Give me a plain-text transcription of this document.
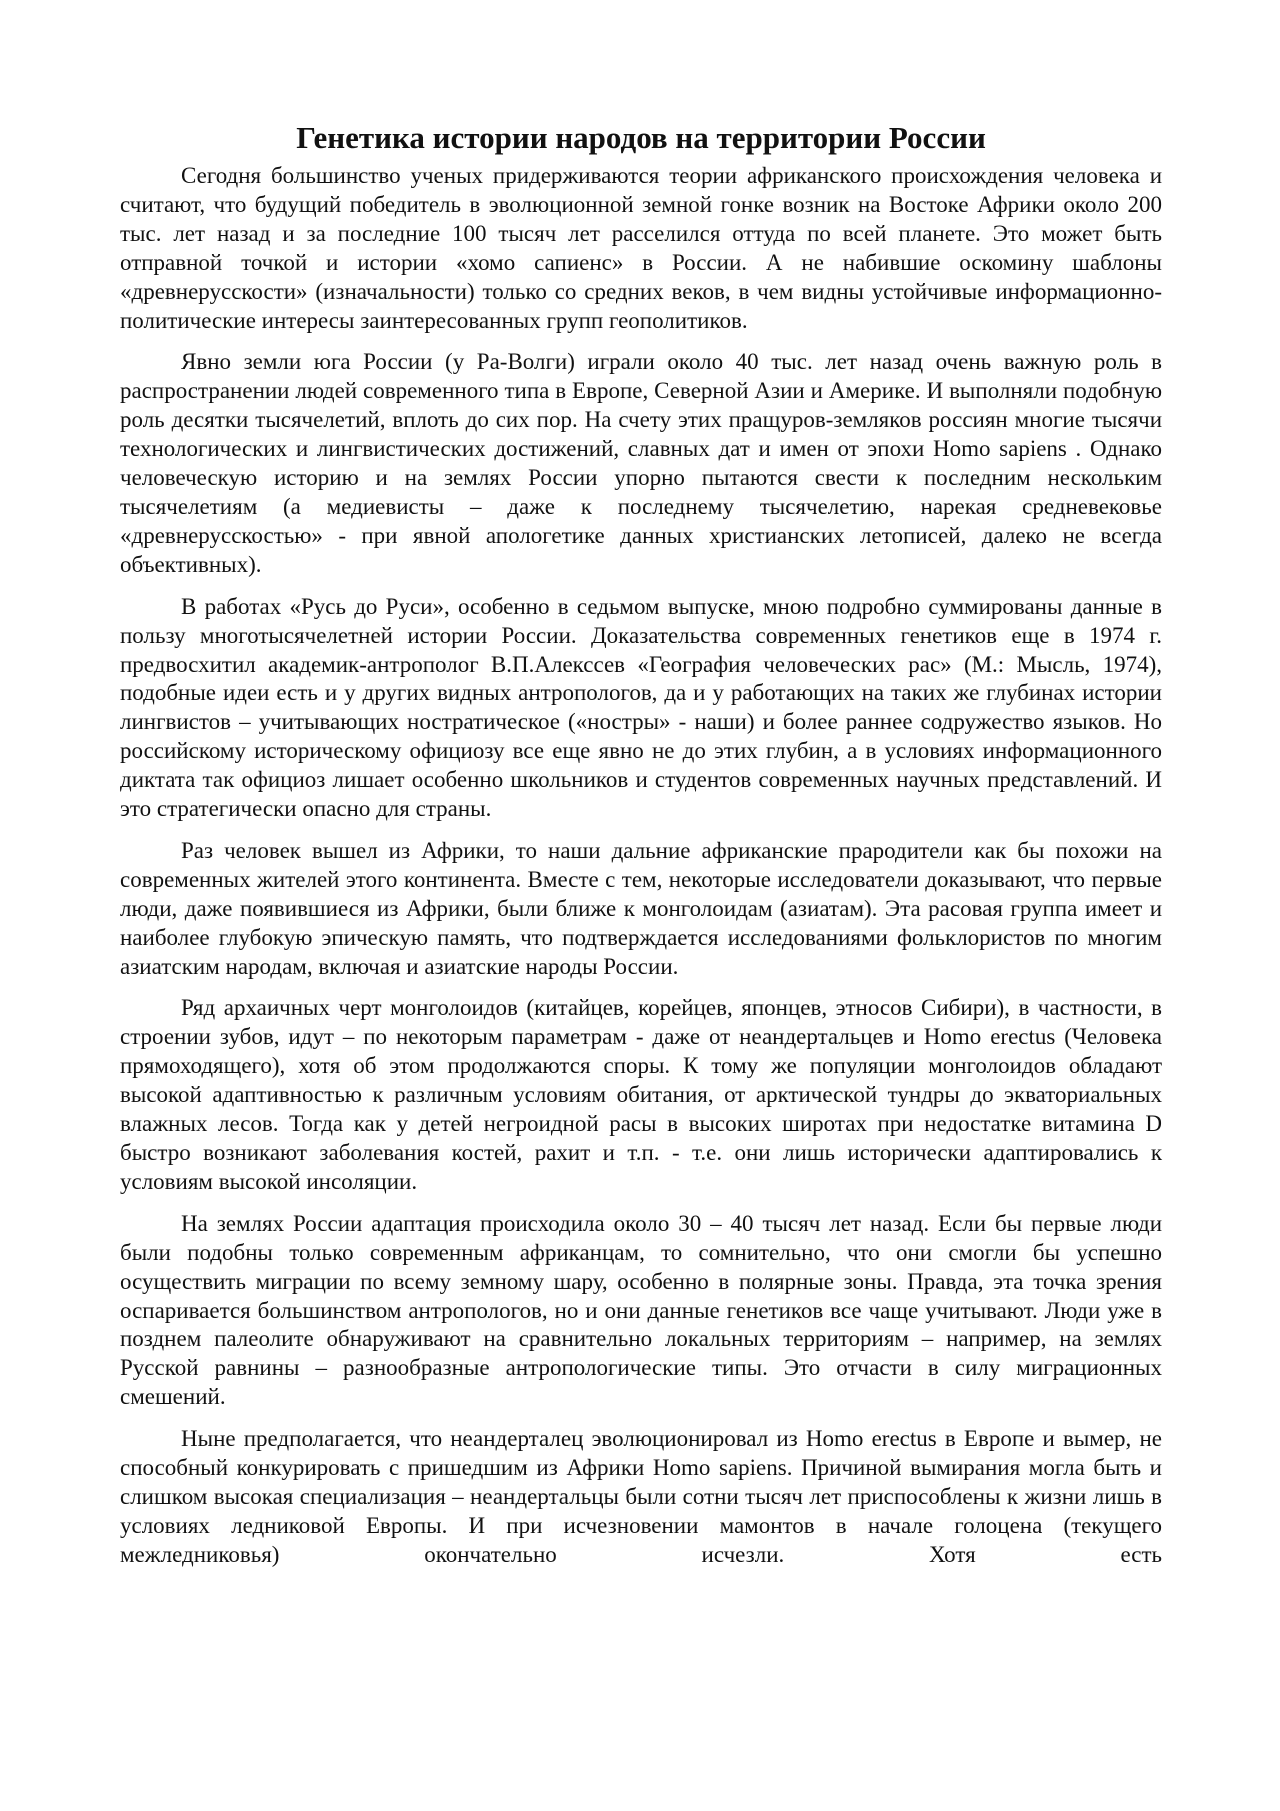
Генетика истории народов на территории России

Сегодня большинство ученых придерживаются теории африканского происхождения человека и считают, что будущий победитель в эволюционной земной гонке возник на Востоке Африки около 200 тыс. лет назад и за последние 100 тысяч лет расселился оттуда по всей планете. Это может быть отправной точкой и истории «хомо сапиенс» в России. А не набившие оскомину шаблоны «древнерусскости» (изначальности) только со средних веков, в чем видны устойчивые информационно-политические интересы заинтересованных групп геополитиков.

Явно земли юга России (у Ра-Волги) играли около 40 тыс. лет назад очень важную роль в распространении людей современного типа в Европе, Северной Азии и Америке. И выполняли подобную роль десятки тысячелетий, вплоть до сих пор. На счету этих пращуров-земляков россиян многие тысячи технологических и лингвистических достижений, славных дат и имен от эпохи Homo sapiens . Однако человеческую историю и на землях России упорно пытаются свести к последним нескольким тысячелетиям (а медиевисты – даже к последнему тысячелетию, нарекая средневековье «древнерусскостью» - при явной апологетике данных христианских летописей, далеко не всегда объективных).

В работах «Русь до Руси», особенно в седьмом выпуске, мною подробно суммированы данные в пользу многотысячелетней истории России. Доказательства современных генетиков еще в 1974 г. предвосхитил академик-антрополог В.П.Алекссев «География человеческих рас» (М.: Мысль, 1974), подобные идеи есть и у других видных антропологов, да и у работающих на таких же глубинах истории лингвистов – учитывающих ностратическое («ностры» - наши) и более раннее содружество языков. Но российскому историческому официозу все еще явно не до этих глубин, а в условиях информационного диктата так официоз лишает особенно школьников и студентов современных научных представлений. И это стратегически опасно для страны.

Раз человек вышел из Африки, то наши дальние африканские прародители как бы похожи на современных жителей этого континента. Вместе с тем, некоторые исследователи доказывают, что первые люди, даже появившиеся из Африки, были ближе к монголоидам (азиатам). Эта расовая группа имеет и наиболее глубокую эпическую память, что подтверждается исследованиями фольклористов по многим азиатским народам, включая и азиатские народы России.

Ряд архаичных черт монголоидов (китайцев, корейцев, японцев, этносов Сибири), в частности, в строении зубов, идут – по некоторым параметрам - даже от неандертальцев и Homo erectus (Человека прямоходящего), хотя об этом продолжаются споры. К тому же популяции монголоидов обладают высокой адаптивностью к различным условиям обитания, от арктической тундры до экваториальных влажных лесов. Тогда как у детей негроидной расы в высоких широтах при недостатке витамина D быстро возникают заболевания костей, рахит и т.п. - т.е. они лишь исторически адаптировались к условиям высокой инсоляции.

На землях России адаптация происходила около 30 – 40 тысяч лет назад. Если бы первые люди были подобны только современным африканцам, то сомнительно, что они смогли бы успешно осуществить миграции по всему земному шару, особенно в полярные зоны. Правда, эта точка зрения оспаривается большинством антропологов, но и они данные генетиков все чаще учитывают. Люди уже в позднем палеолите обнаруживают на сравнительно локальных территориям – например, на землях Русской равнины – разнообразные антропологические типы. Это отчасти в силу миграционных смешений.

Ныне предполагается, что неандерталец эволюционировал из Homo erectus в Европе и вымер, не способный конкурировать с пришедшим из Африки Homo sapiens. Причиной вымирания могла быть и слишком высокая специализация – неандертальцы были сотни тысяч лет приспособлены к жизни лишь в условиях ледниковой Европы. И при исчезновении мамонтов в начале голоцена (текущего межледниковья) окончательно исчезли. Хотя есть
